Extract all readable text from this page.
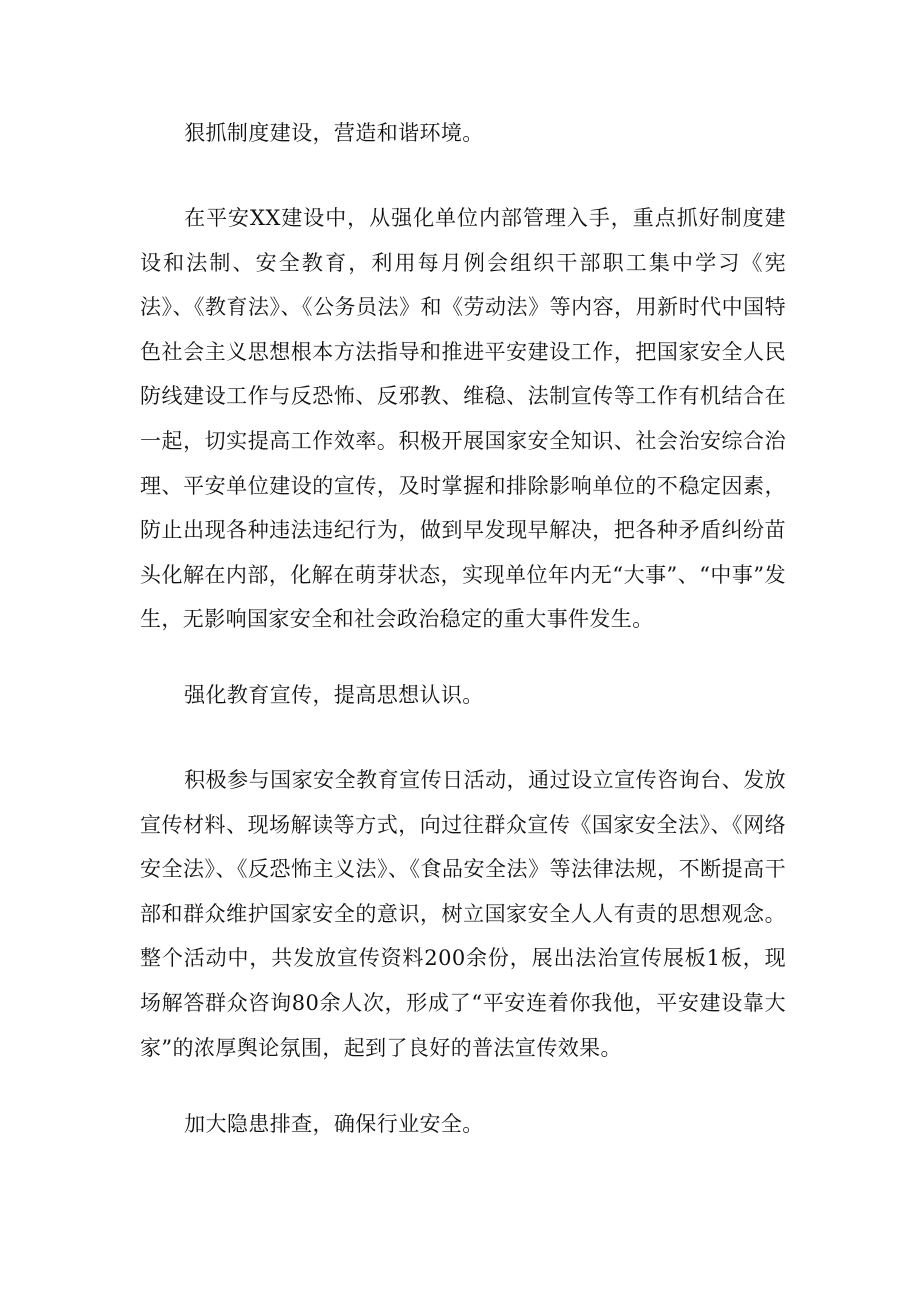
狠抓制度建设，营造和谐环境。

在平安XX建设中，从强化单位内部管理入手，重点抓好制度建设和法制、安全教育，利用每月例会组织干部职工集中学习《宪法》、《教育法》、《公务员法》和《劳动法》等内容，用新时代中国特色社会主义思想根本方法指导和推进平安建设工作，把国家安全人民防线建设工作与反恐怖、反邪教、维稳、法制宣传等工作有机结合在一起，切实提高工作效率。积极开展国家安全知识、社会治安综合治理、平安单位建设的宣传，及时掌握和排除影响单位的不稳定因素，防止出现各种违法违纪行为，做到早发现早解决，把各种矛盾纠纷苗头化解在内部，化解在萌芽状态，实现单位年内无“大事”、“中事”发生，无影响国家安全和社会政治稳定的重大事件发生。

强化教育宣传，提高思想认识。

积极参与国家安全教育宣传日活动，通过设立宣传咨询台、发放宣传材料、现场解读等方式，向过往群众宣传《国家安全法》、《网络安全法》、《反恐怖主义法》、《食品安全法》等法律法规，不断提高干部和群众维护国家安全的意识，树立国家安全人人有责的思想观念。整个活动中，共发放宣传资料200余份，展出法治宣传展板1板，现场解答群众咨询80余人次，形成了“平安连着你我他，平安建设靠大家”的浓厚舆论氛围，起到了良好的普法宣传效果。

加大隐患排查，确保行业安全。
